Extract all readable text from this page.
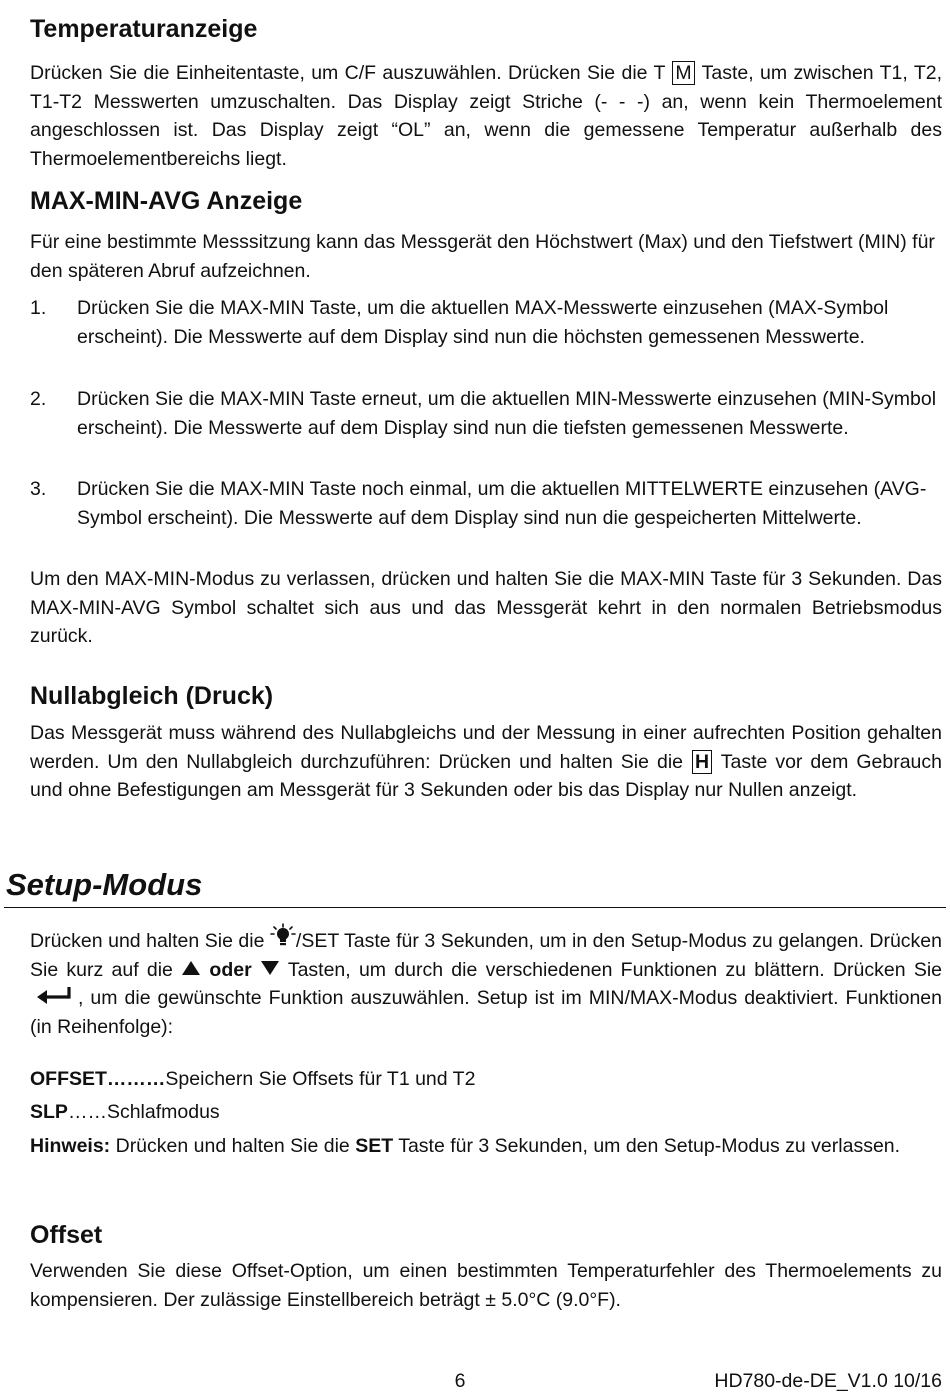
Temperaturanzeige

Drücken Sie die Einheitentaste, um C/F auszuwählen. Drücken Sie die T M Taste, um zwischen T1, T2, T1-T2 Messwerten umzuschalten. Das Display zeigt Striche (- - -) an, wenn kein Thermoelement angeschlossen ist. Das Display zeigt “OL” an, wenn die gemessene Temperatur außerhalb des Thermoelementbereichs liegt.

MAX-MIN-AVG Anzeige

Für eine bestimmte Messsitzung kann das Messgerät den Höchstwert (Max) und den Tiefstwert (MIN) für den späteren Abruf aufzeichnen.

1.	Drücken Sie die MAX-MIN Taste, um die aktuellen MAX-Messwerte einzusehen (MAX-Symbol erscheint). Die Messwerte auf dem Display sind nun die höchsten gemessenen Messwerte.

2.	Drücken Sie die MAX-MIN Taste erneut, um die aktuellen MIN-Messwerte einzusehen (MIN-Symbol erscheint). Die Messwerte auf dem Display sind nun die tiefsten gemessenen Messwerte.

3.	Drücken Sie die MAX-MIN Taste noch einmal, um die aktuellen MITTELWERTE einzusehen (AVG-Symbol erscheint). Die Messwerte auf dem Display sind nun die gespeicherten Mittelwerte.

Um den MAX-MIN-Modus zu verlassen, drücken und halten Sie die MAX-MIN Taste für 3 Sekunden. Das MAX-MIN-AVG Symbol schaltet sich aus und das Messgerät kehrt in den normalen Betriebsmodus zurück.

Nullabgleich (Druck)

Das Messgerät muss während des Nullabgleichs und der Messung in einer aufrechten Position gehalten werden. Um den Nullabgleich durchzuführen: Drücken und halten Sie die H Taste vor dem Gebrauch und ohne Befestigungen am Messgerät für 3 Sekunden oder bis das Display nur Nullen anzeigt.

Setup-Modus

Drücken und halten Sie die /SET Taste für 3 Sekunden, um in den Setup-Modus zu gelangen. Drücken Sie kurz auf die  oder  Tasten, um durch die verschiedenen Funktionen zu blättern. Drücken Sie , um die gewünschte Funktion auszuwählen. Setup ist im MIN/MAX-Modus deaktiviert. Funktionen (in Reihenfolge):

OFFSET………Speichern Sie Offsets für T1 und T2

SLP……Schlafmodus

Hinweis: Drücken und halten Sie die SET Taste für 3 Sekunden, um den Setup-Modus zu verlassen.

Offset

Verwenden Sie diese Offset-Option, um einen bestimmten Temperaturfehler des Thermoelements zu kompensieren. Der zulässige Einstellbereich beträgt ± 5.0°C (9.0°F).

6	HD780-de-DE_V1.0 10/16
